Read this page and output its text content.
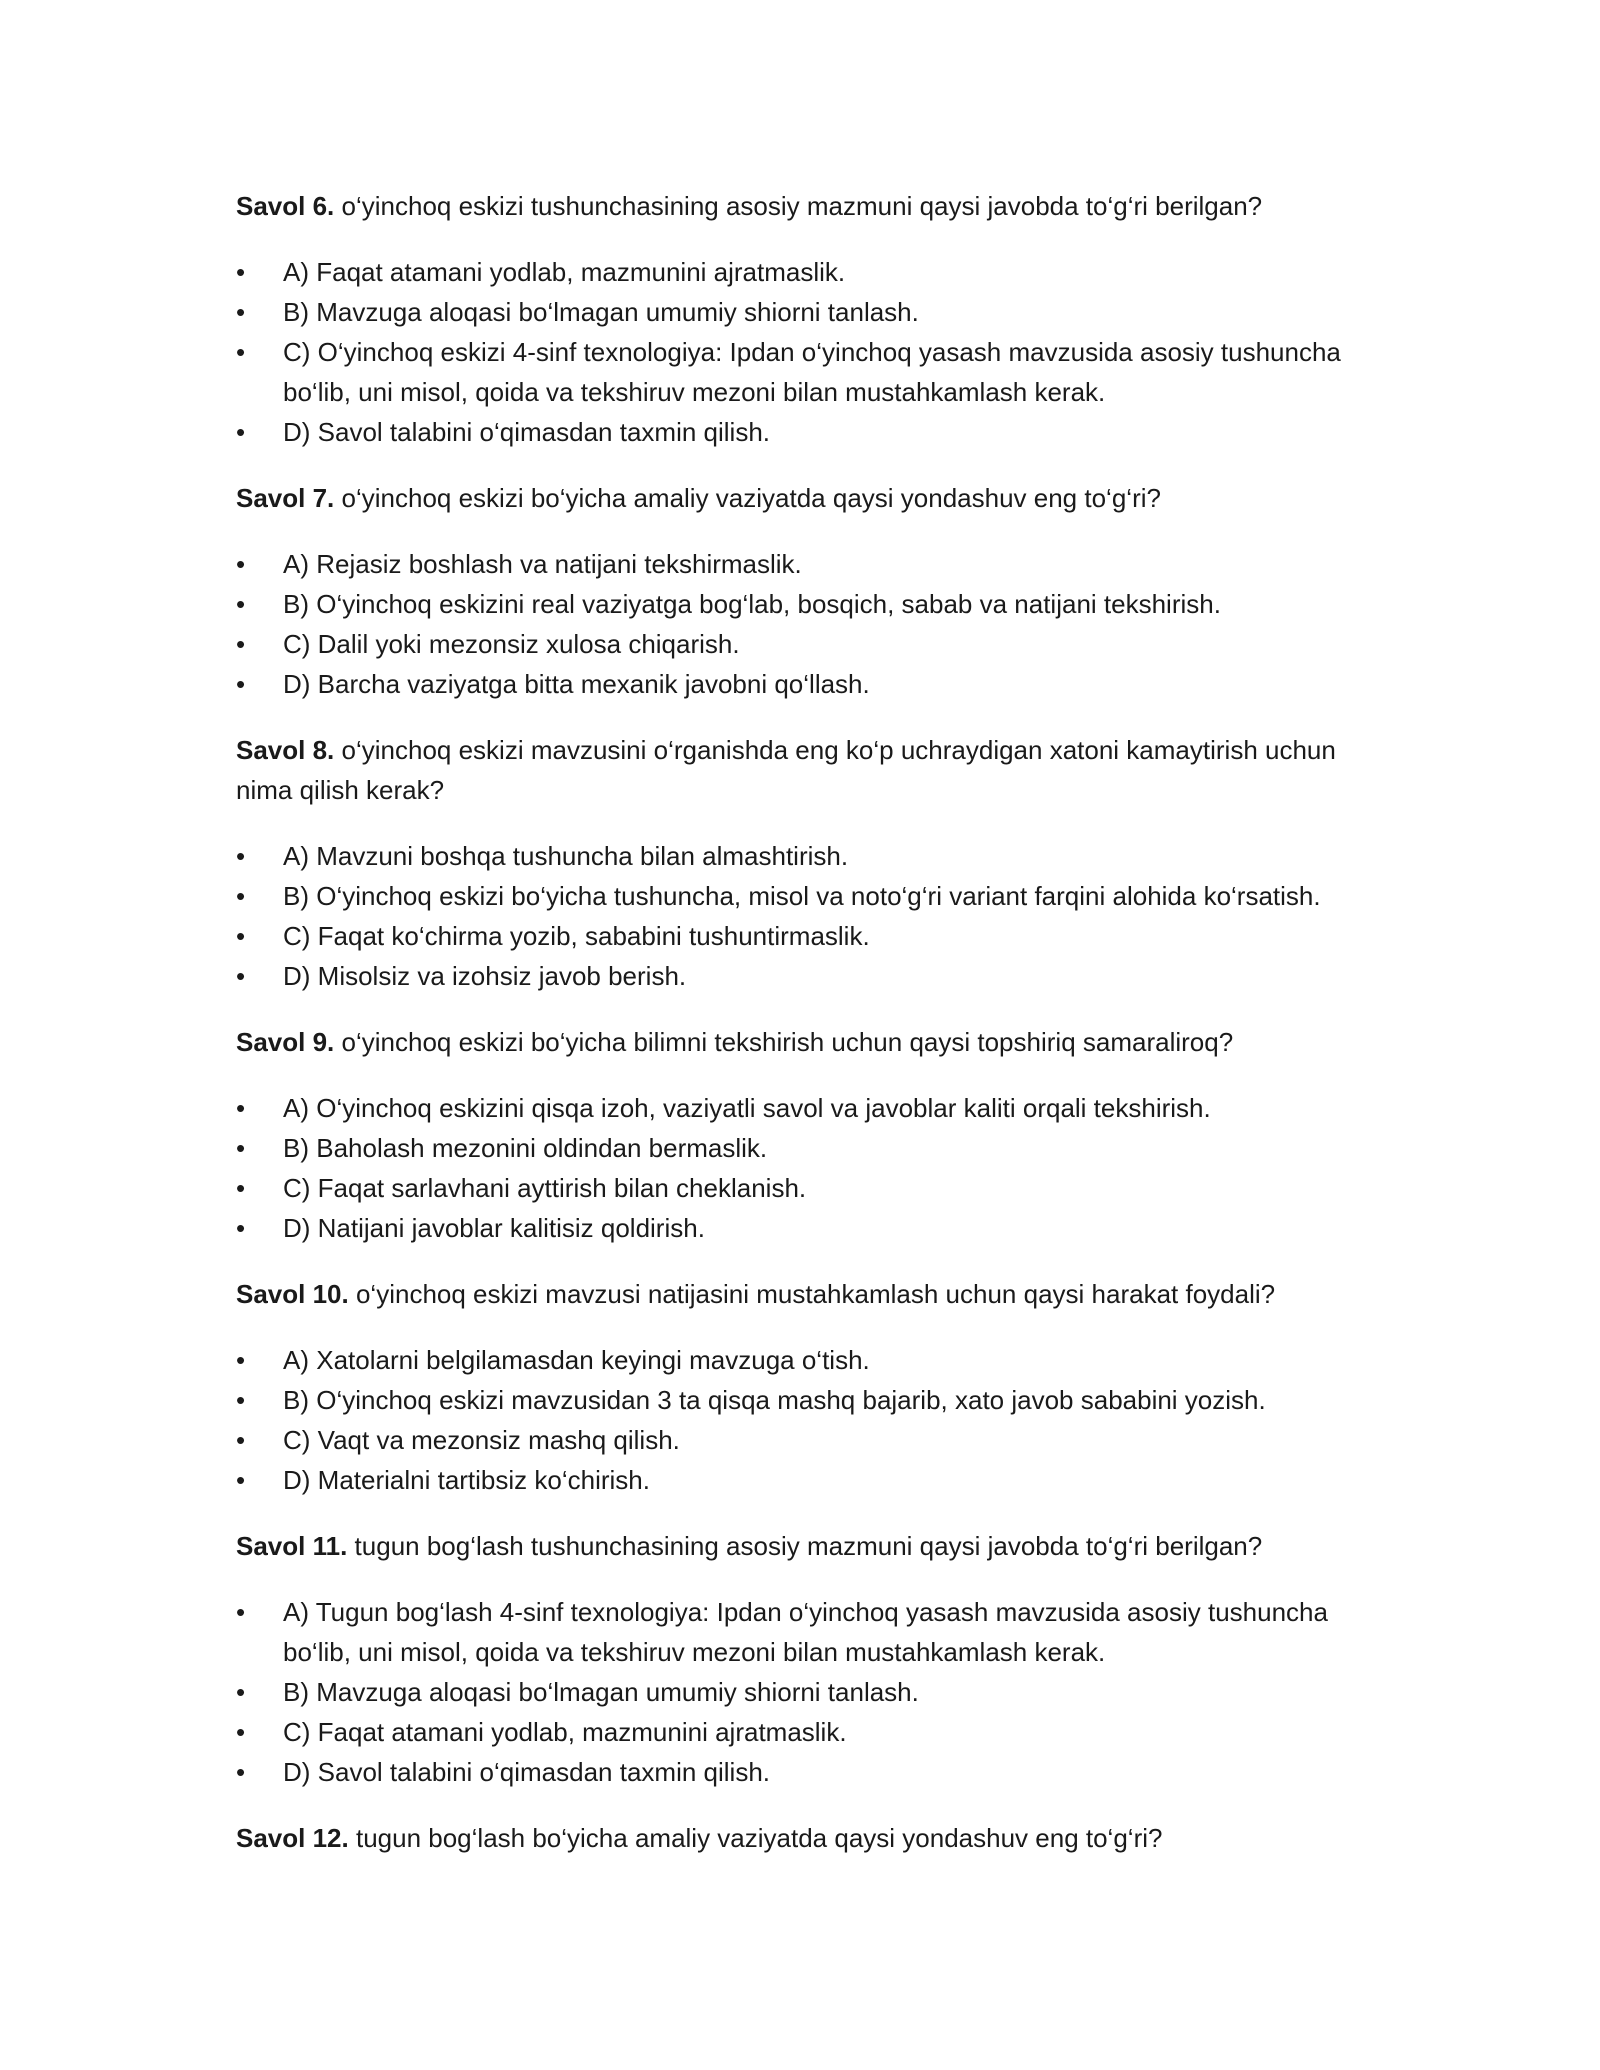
Savol 6. o‘yinchoq eskizi tushunchasining asosiy mazmuni qaysi javobda to‘g‘ri berilgan?

•	A) Faqat atamani yodlab, mazmunini ajratmaslik.
•	B) Mavzuga aloqasi bo‘lmagan umumiy shiorni tanlash.
•	C) O‘yinchoq eskizi 4-sinf texnologiya: Ipdan o‘yinchoq yasash mavzusida asosiy tushuncha bo‘lib, uni misol, qoida va tekshiruv mezoni bilan mustahkamlash kerak.
•	D) Savol talabini o‘qimasdan taxmin qilish.

Savol 7. o‘yinchoq eskizi bo‘yicha amaliy vaziyatda qaysi yondashuv eng to‘g‘ri?

•	A) Rejasiz boshlash va natijani tekshirmaslik.
•	B) O‘yinchoq eskizini real vaziyatga bog‘lab, bosqich, sabab va natijani tekshirish.
•	C) Dalil yoki mezonsiz xulosa chiqarish.
•	D) Barcha vaziyatga bitta mexanik javobni qo‘llash.

Savol 8. o‘yinchoq eskizi mavzusini o‘rganishda eng ko‘p uchraydigan xatoni kamaytirish uchun nima qilish kerak?

•	A) Mavzuni boshqa tushuncha bilan almashtirish.
•	B) O‘yinchoq eskizi bo‘yicha tushuncha, misol va noto‘g‘ri variant farqini alohida ko‘rsatish.
•	C) Faqat ko‘chirma yozib, sababini tushuntirmaslik.
•	D) Misolsiz va izohsiz javob berish.

Savol 9. o‘yinchoq eskizi bo‘yicha bilimni tekshirish uchun qaysi topshiriq samaraliroq?

•	A) O‘yinchoq eskizini qisqa izoh, vaziyatli savol va javoblar kaliti orqali tekshirish.
•	B) Baholash mezonini oldindan bermaslik.
•	C) Faqat sarlavhani ayttirish bilan cheklanish.
•	D) Natijani javoblar kalitisiz qoldirish.

Savol 10. o‘yinchoq eskizi mavzusi natijasini mustahkamlash uchun qaysi harakat foydali?

•	A) Xatolarni belgilamasdan keyingi mavzuga o‘tish.
•	B) O‘yinchoq eskizi mavzusidan 3 ta qisqa mashq bajarib, xato javob sababini yozish.
•	C) Vaqt va mezonsiz mashq qilish.
•	D) Materialni tartibsiz ko‘chirish.

Savol 11. tugun bog‘lash tushunchasining asosiy mazmuni qaysi javobda to‘g‘ri berilgan?

•	A) Tugun bog‘lash 4-sinf texnologiya: Ipdan o‘yinchoq yasash mavzusida asosiy tushuncha bo‘lib, uni misol, qoida va tekshiruv mezoni bilan mustahkamlash kerak.
•	B) Mavzuga aloqasi bo‘lmagan umumiy shiorni tanlash.
•	C) Faqat atamani yodlab, mazmunini ajratmaslik.
•	D) Savol talabini o‘qimasdan taxmin qilish.

Savol 12. tugun bog‘lash bo‘yicha amaliy vaziyatda qaysi yondashuv eng to‘g‘ri?
